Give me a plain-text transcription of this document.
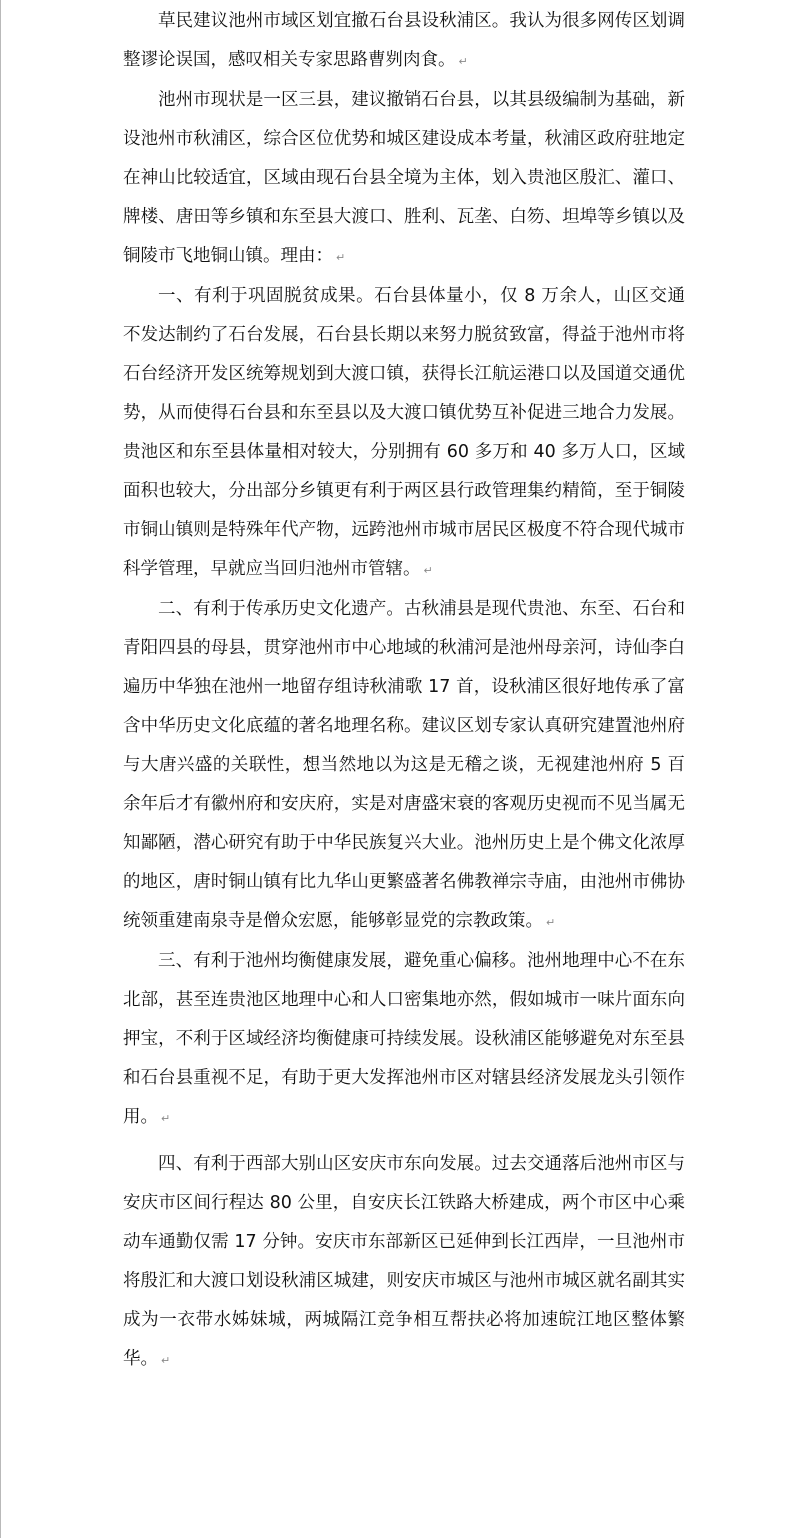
草民建议池州市域区划宜撤石台县设秋浦区。我认为很多网传区划调整谬论误国，感叹相关专家思路曹刿肉食。 ↵

池州市现状是一区三县，建议撤销石台县，以其县级编制为基础，新设池州市秋浦区，综合区位优势和城区建设成本考量，秋浦区政府驻地定在神山比较适宜，区域由现石台县全境为主体，划入贵池区殷汇、灌口、牌楼、唐田等乡镇和东至县大渡口、胜利、瓦垄、白笏、坦埠等乡镇以及铜陵市飞地铜山镇。理由： ↵

一、有利于巩固脱贫成果。石台县体量小，仅 8 万余人，山区交通不发达制约了石台发展，石台县长期以来努力脱贫致富，得益于池州市将石台经济开发区统筹规划到大渡口镇，获得长江航运港口以及国道交通优势，从而使得石台县和东至县以及大渡口镇优势互补促进三地合力发展。贵池区和东至县体量相对较大，分别拥有 60 多万和 40 多万人口，区域面积也较大，分出部分乡镇更有利于两区县行政管理集约精简，至于铜陵市铜山镇则是特殊年代产物，远跨池州市城市居民区极度不符合现代城市科学管理，早就应当回归池州市管辖。 ↵

二、有利于传承历史文化遗产。古秋浦县是现代贵池、东至、石台和青阳四县的母县，贯穿池州市中心地域的秋浦河是池州母亲河，诗仙李白遍历中华独在池州一地留存组诗秋浦歌 17 首，设秋浦区很好地传承了富含中华历史文化底蕴的著名地理名称。建议区划专家认真研究建置池州府与大唐兴盛的关联性，想当然地以为这是无稽之谈，无视建池州府 5 百余年后才有徽州府和安庆府，实是对唐盛宋衰的客观历史视而不见当属无知鄙陋，潜心研究有助于中华民族复兴大业。池州历史上是个佛文化浓厚的地区，唐时铜山镇有比九华山更繁盛著名佛教禅宗寺庙，由池州市佛协统领重建南泉寺是僧众宏愿，能够彰显党的宗教政策。 ↵

三、有利于池州均衡健康发展，避免重心偏移。池州地理中心不在东北部，甚至连贵池区地理中心和人口密集地亦然，假如城市一味片面东向押宝，不利于区域经济均衡健康可持续发展。设秋浦区能够避免对东至县和石台县重视不足，有助于更大发挥池州市区对辖县经济发展龙头引领作用。 ↵

四、有利于西部大别山区安庆市东向发展。过去交通落后池州市区与安庆市区间行程达 80 公里，自安庆长江铁路大桥建成，两个市区中心乘动车通勤仅需 17 分钟。安庆市东部新区已延伸到长江西岸，一旦池州市将殷汇和大渡口划设秋浦区城建，则安庆市城区与池州市城区就名副其实成为一衣带水姊妹城，两城隔江竞争相互帮扶必将加速皖江地区整体繁华。 ↵
